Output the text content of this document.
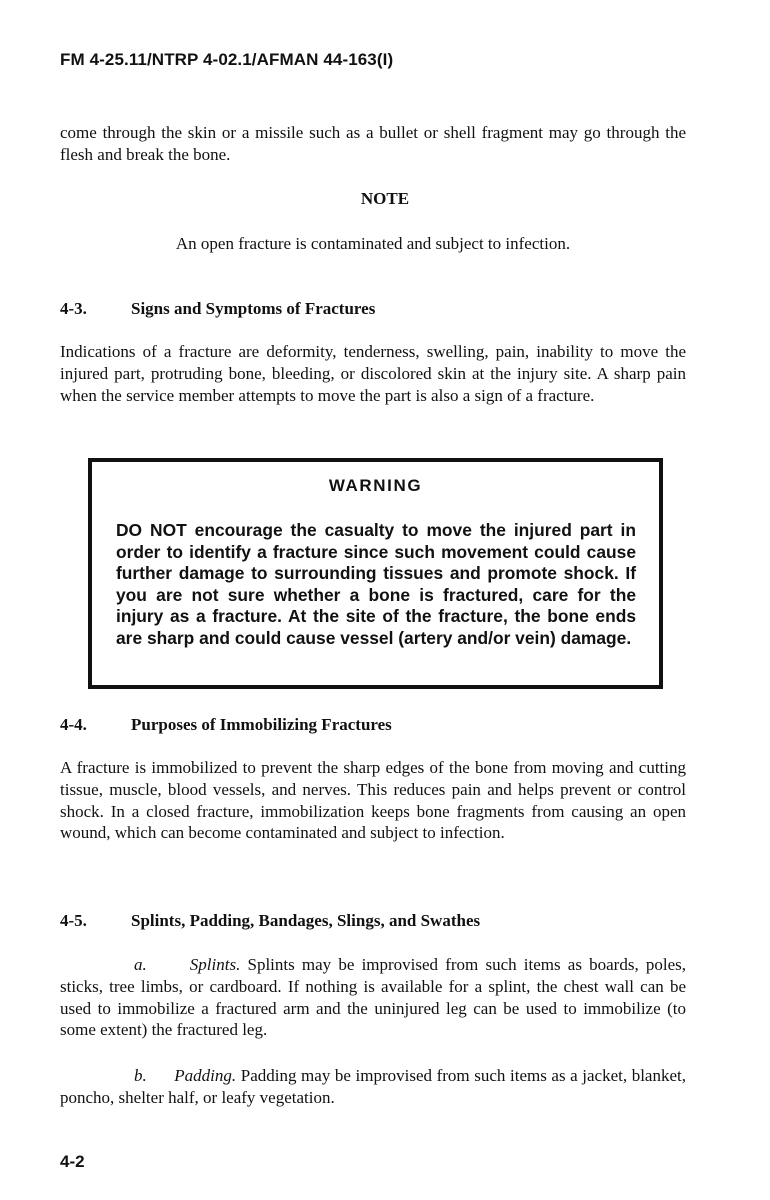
FM 4-25.11/NTRP 4-02.1/AFMAN 44-163(I)

come through the skin or a missile such as a bullet or shell fragment may go through the flesh and break the bone.

NOTE
An open fracture is contaminated and subject to infection.
4-3.	Signs and Symptoms of Fractures

Indications of a fracture are deformity, tenderness, swelling, pain, inability to move the injured part, protruding bone, bleeding, or discolored skin at the injury site. A sharp pain when the service member attempts to move the part is also a sign of a fracture.

WARNING

DO NOT encourage the casualty to move the injured part in order to identify a fracture since such movement could cause further damage to surrounding tissues and promote shock. If you are not sure whether a bone is fractured, care for the injury as a fracture. At the site of the fracture, the bone ends are sharp and could cause vessel (artery and/or vein) damage.

4-4.	Purposes of Immobilizing Fractures

A fracture is immobilized to prevent the sharp edges of the bone from moving and cutting tissue, muscle, blood vessels, and nerves. This reduces pain and helps prevent or control shock. In a closed fracture, immobilization keeps bone fragments from causing an open wound, which can become contaminated and subject to infection.

4-5.	Splints, Padding, Bandages, Slings, and Swathes

a.	Splints. Splints may be improvised from such items as boards, poles, sticks, tree limbs, or cardboard. If nothing is available for a splint, the chest wall can be used to immobilize a fractured arm and the uninjured leg can be used to immobilize (to some extent) the fractured leg.

b. Padding. Padding may be improvised from such items as a jacket, blanket, poncho, shelter half, or leafy vegetation.

4-2
